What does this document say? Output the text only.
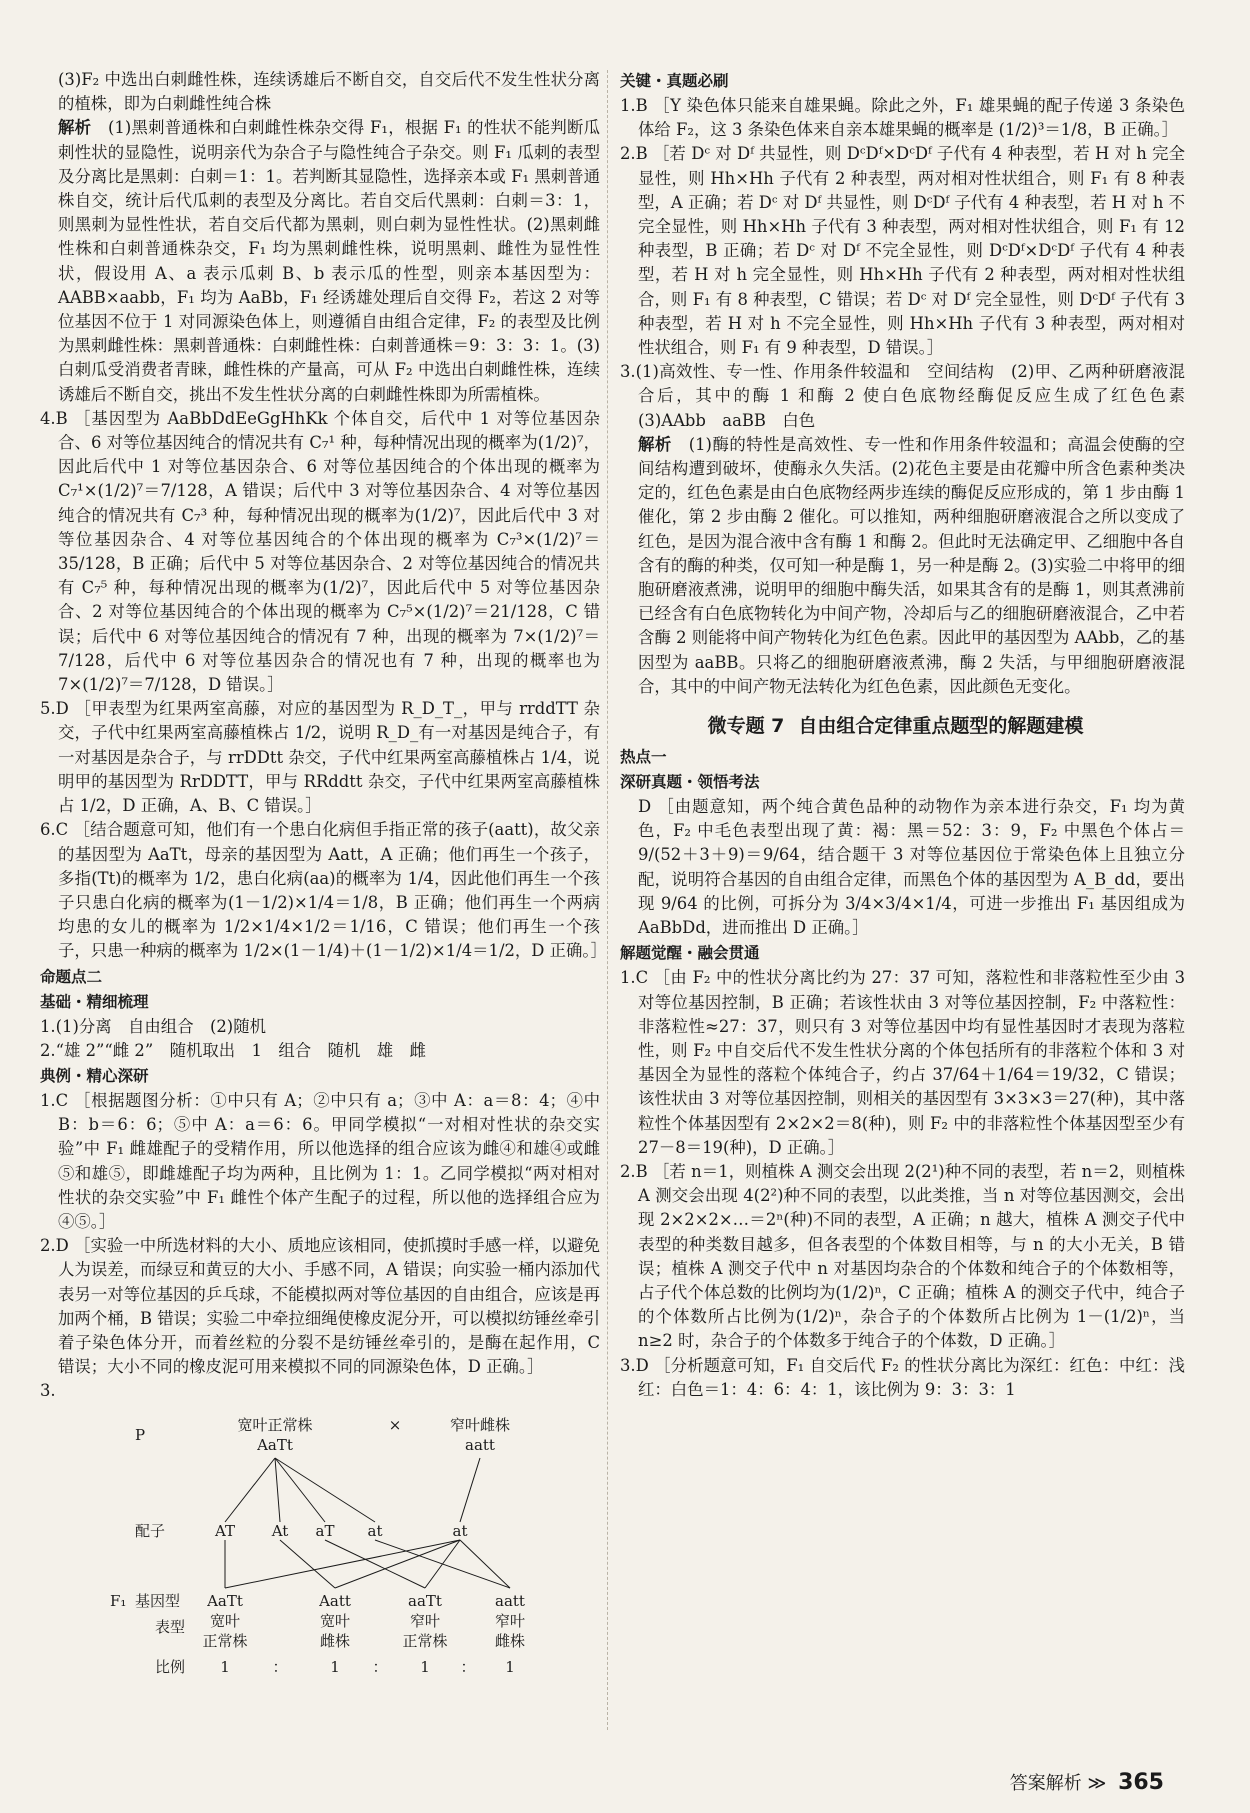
(3)F₂ 中选出白刺雌性株，连续诱雄后不断自交，自交后代不发生性状分离的植株，即为白刺雌性纯合株

解析　 (1)黑刺普通株和白刺雌性株杂交得 F₁，根据 F₁ 的性状不能判断瓜刺性状的显隐性，说明亲代为杂合子与隐性纯合子杂交。则 F₁ 瓜刺的表型及分离比是黑刺：白刺＝1：1。若判断其显隐性，选择亲本或 F₁ 黑刺普通株自交，统计后代瓜刺的表型及分离比。若自交后代黑刺：白刺＝3：1，则黑刺为显性性状，若自交后代都为黑刺，则白刺为显性性状。(2)黑刺雌性株和白刺普通株杂交，F₁ 均为黑刺雌性株，说明黑刺、雌性为显性性状，假设用 A、a 表示瓜刺 B、b 表示瓜的性型，则亲本基因型为：AABB×aabb，F₁ 均为 AaBb，F₁ 经诱雄处理后自交得 F₂，若这 2 对等位基因不位于 1 对同源染色体上，则遵循自由组合定律，F₂ 的表型及比例为黑刺雌性株：黑刺普通株：白刺雌性株：白刺普通株＝9：3：3：1。(3)白刺瓜受消费者青睐，雌性株的产量高，可从 F₂ 中选出白刺雌性株，连续诱雄后不断自交，挑出不发生性状分离的白刺雌性株即为所需植株。

4.B ［基因型为 AaBbDdEeGgHhKk 个体自交，后代中 1 对等位基因杂合、6 对等位基因纯合的情况共有 C₇¹ 种，每种情况出现的概率为(1/2)⁷，因此后代中 1 对等位基因杂合、6 对等位基因纯合的个体出现的概率为 C₇¹×(1/2)⁷＝7/128，A 错误；后代中 3 对等位基因杂合、4 对等位基因纯合的情况共有 C₇³ 种，每种情况出现的概率为(1/2)⁷，因此后代中 3 对等位基因杂合、4 对等位基因纯合的个体出现的概率为 C₇³×(1/2)⁷＝35/128，B 正确；后代中 5 对等位基因杂合、2 对等位基因纯合的情况共有 C₇⁵ 种，每种情况出现的概率为(1/2)⁷，因此后代中 5 对等位基因杂合、2 对等位基因纯合的个体出现的概率为 C₇⁵×(1/2)⁷＝21/128，C 错误；后代中 6 对等位基因纯合的情况有 7 种，出现的概率为 7×(1/2)⁷＝7/128，后代中 6 对等位基因杂合的情况也有 7 种，出现的概率也为 7×(1/2)⁷＝7/128，D 错误。］

5.D ［甲表型为红果两室高藤，对应的基因型为 R_D_T_，甲与 rrddTT 杂交，子代中红果两室高藤植株占 1/2，说明 R_D_有一对基因是纯合子，有一对基因是杂合子，与 rrDDtt 杂交，子代中红果两室高藤植株占 1/4，说明甲的基因型为 RrDDTT，甲与 RRddtt 杂交，子代中红果两室高藤植株占 1/2，D 正确，A、B、C 错误。］

6.C ［结合题意可知，他们有一个患白化病但手指正常的孩子(aatt)，故父亲的基因型为 AaTt，母亲的基因型为 Aatt，A 正确；他们再生一个孩子，多指(Tt)的概率为 1/2，患白化病(aa)的概率为 1/4，因此他们再生一个孩子只患白化病的概率为(1－1/2)×1/4＝1/8，B 正确；他们再生一个两病均患的女儿的概率为 1/2×1/4×1/2＝1/16，C 错误；他们再生一个孩子，只患一种病的概率为 1/2×(1－1/4)＋(1－1/2)×1/4＝1/2，D 正确。］

命题点二
基础・精细梳理

1.(1)分离　自由组合　(2)随机

2.“雄 2”“雌 2”　随机取出　1　组合　随机　雄　雌

典例・精心深研

1.C ［根据题图分析：①中只有 A；②中只有 a；③中 A：a＝8：4；④中 B：b＝6：6；⑤中 A：a＝6：6。甲同学模拟“一对相对性状的杂交实验”中 F₁ 雌雄配子的受精作用，所以他选择的组合应该为雌④和雄④或雌⑤和雄⑤，即雌雄配子均为两种，且比例为 1：1。乙同学模拟“两对相对性状的杂交实验”中 F₁ 雌性个体产生配子的过程，所以他的选择组合应为④⑤。］

2.D ［实验一中所选材料的大小、质地应该相同，使抓摸时手感一样，以避免人为误差，而绿豆和黄豆的大小、手感不同，A 错误；向实验一桶内添加代表另一对等位基因的乒乓球，不能模拟两对等位基因的自由组合，应该是再加两个桶，B 错误；实验二中牵拉细绳使橡皮泥分开，可以模拟纺锤丝牵引着子染色体分开，而着丝粒的分裂不是纺锤丝牵引的，是酶在起作用，C 错误；大小不同的橡皮泥可用来模拟不同的同源染色体，D 正确。］

3.

P
宽叶正常株	×	窄叶雌株
AaTt	aatt
配子	AT At aT at	at
F₁ 基因型 AaTt	Aatt	aaTt	aatt
表型 宽叶	宽叶	窄叶	窄叶
正常株	雌株	正常株	雌株
比例 1	：	1 ： 1 ： 1
关键・真题必刷

1.B ［Y 染色体只能来自雄果蝇。除此之外，F₁ 雄果蝇的配子传递 3 条染色体给 F₂，这 3 条染色体来自亲本雄果蝇的概率是 (1/2)³＝1/8，B 正确。］

2.B ［若 Dᶜ 对 Dᶠ 共显性，则 DᶜDᶠ×DᶜDᶠ 子代有 4 种表型，若 H 对 h 完全显性，则 Hh×Hh 子代有 2 种表型，两对相对性状组合，则 F₁ 有 8 种表型，A 正确；若 Dᶜ 对 Dᶠ 共显性，则 DᶜDᶠ 子代有 4 种表型，若 H 对 h 不完全显性，则 Hh×Hh 子代有 3 种表型，两对相对性状组合，则 F₁ 有 12 种表型，B 正确；若 Dᶜ 对 Dᶠ 不完全显性，则 DᶜDᶠ×DᶜDᶠ 子代有 4 种表型，若 H 对 h 完全显性，则 Hh×Hh 子代有 2 种表型，两对相对性状组合，则 F₁ 有 8 种表型，C 错误；若 Dᶜ 对 Dᶠ 完全显性，则 DᶜDᶠ 子代有 3 种表型，若 H 对 h 不完全显性，则 Hh×Hh 子代有 3 种表型，两对相对性状组合，则 F₁ 有 9 种表型，D 错误。］

3.(1)高效性、专一性、作用条件较温和　空间结构　(2)甲、乙两种研磨液混合后，其中的酶 1 和酶 2 使白色底物经酶促反应生成了红色色素　(3)AAbb　aaBB　白色

解析　 (1)酶的特性是高效性、专一性和作用条件较温和；高温会使酶的空间结构遭到破坏，使酶永久失活。(2)花色主要是由花瓣中所含色素种类决定的，红色色素是由白色底物经两步连续的酶促反应形成的，第 1 步由酶 1 催化，第 2 步由酶 2 催化。可以推知，两种细胞研磨液混合之所以变成了红色，是因为混合液中含有酶 1 和酶 2。但此时无法确定甲、乙细胞中各自含有的酶的种类，仅可知一种是酶 1，另一种是酶 2。(3)实验二中将甲的细胞研磨液煮沸，说明甲的细胞中酶失活，如果其含有的是酶 1，则其煮沸前已经含有白色底物转化为中间产物，冷却后与乙的细胞研磨液混合，乙中若含酶 2 则能将中间产物转化为红色色素。因此甲的基因型为 AAbb，乙的基因型为 aaBB。只将乙的细胞研磨液煮沸，酶 2 失活，与甲细胞研磨液混合，其中的中间产物无法转化为红色色素，因此颜色无变化。

微专题 7 自由组合定律重点题型的解题建模
热点一
深研真题・领悟考法

D ［由题意知，两个纯合黄色品种的动物作为亲本进行杂交，F₁ 均为黄色，F₂ 中毛色表型出现了黄：褐：黑＝52：3：9，F₂ 中黑色个体占＝9/(52＋3＋9)＝9/64，结合题干 3 对等位基因位于常染色体上且独立分配，说明符合基因的自由组合定律，而黑色个体的基因型为 A_B_dd，要出现 9/64 的比例，可拆分为 3/4×3/4×1/4，可进一步推出 F₁ 基因组成为 AaBbDd，进而推出 D 正确。］

解题觉醒・融会贯通

1.C ［由 F₂ 中的性状分离比约为 27：37 可知，落粒性和非落粒性至少由 3 对等位基因控制，B 正确；若该性状由 3 对等位基因控制，F₂ 中落粒性：非落粒性≈27：37，则只有 3 对等位基因中均有显性基因时才表现为落粒性，则 F₂ 中自交后代不发生性状分离的个体包括所有的非落粒个体和 3 对基因全为显性的落粒个体纯合子，约占 37/64＋1/64＝19/32，C 错误；该性状由 3 对等位基因控制，则相关的基因型有 3×3×3＝27(种)，其中落粒性个体基因型有 2×2×2＝8(种)，则 F₂ 中的非落粒性个体基因型至少有 27－8＝19(种)，D 正确。］

2.B ［若 n＝1，则植株 A 测交会出现 2(2¹)种不同的表型，若 n＝2，则植株 A 测交会出现 4(2²)种不同的表型，以此类推，当 n 对等位基因测交，会出现 2×2×2×…＝2ⁿ(种)不同的表型，A 正确；n 越大，植株 A 测交子代中表型的种类数目越多，但各表型的个体数目相等，与 n 的大小无关，B 错误；植株 A 测交子代中 n 对基因均杂合的个体数和纯合子的个体数相等，占子代个体总数的比例均为(1/2)ⁿ，C 正确；植株 A 的测交子代中，纯合子的个体数所占比例为(1/2)ⁿ，杂合子的个体数所占比例为 1－(1/2)ⁿ，当 n≥2 时，杂合子的个体数多于纯合子的个体数，D 正确。］

3.D ［分析题意可知，F₁ 自交后代 F₂ 的性状分离比为深红：红色：中红：浅红：白色＝1：4：6：4：1，该比例为 9：3：3：1

答案解析 ≫ 365
